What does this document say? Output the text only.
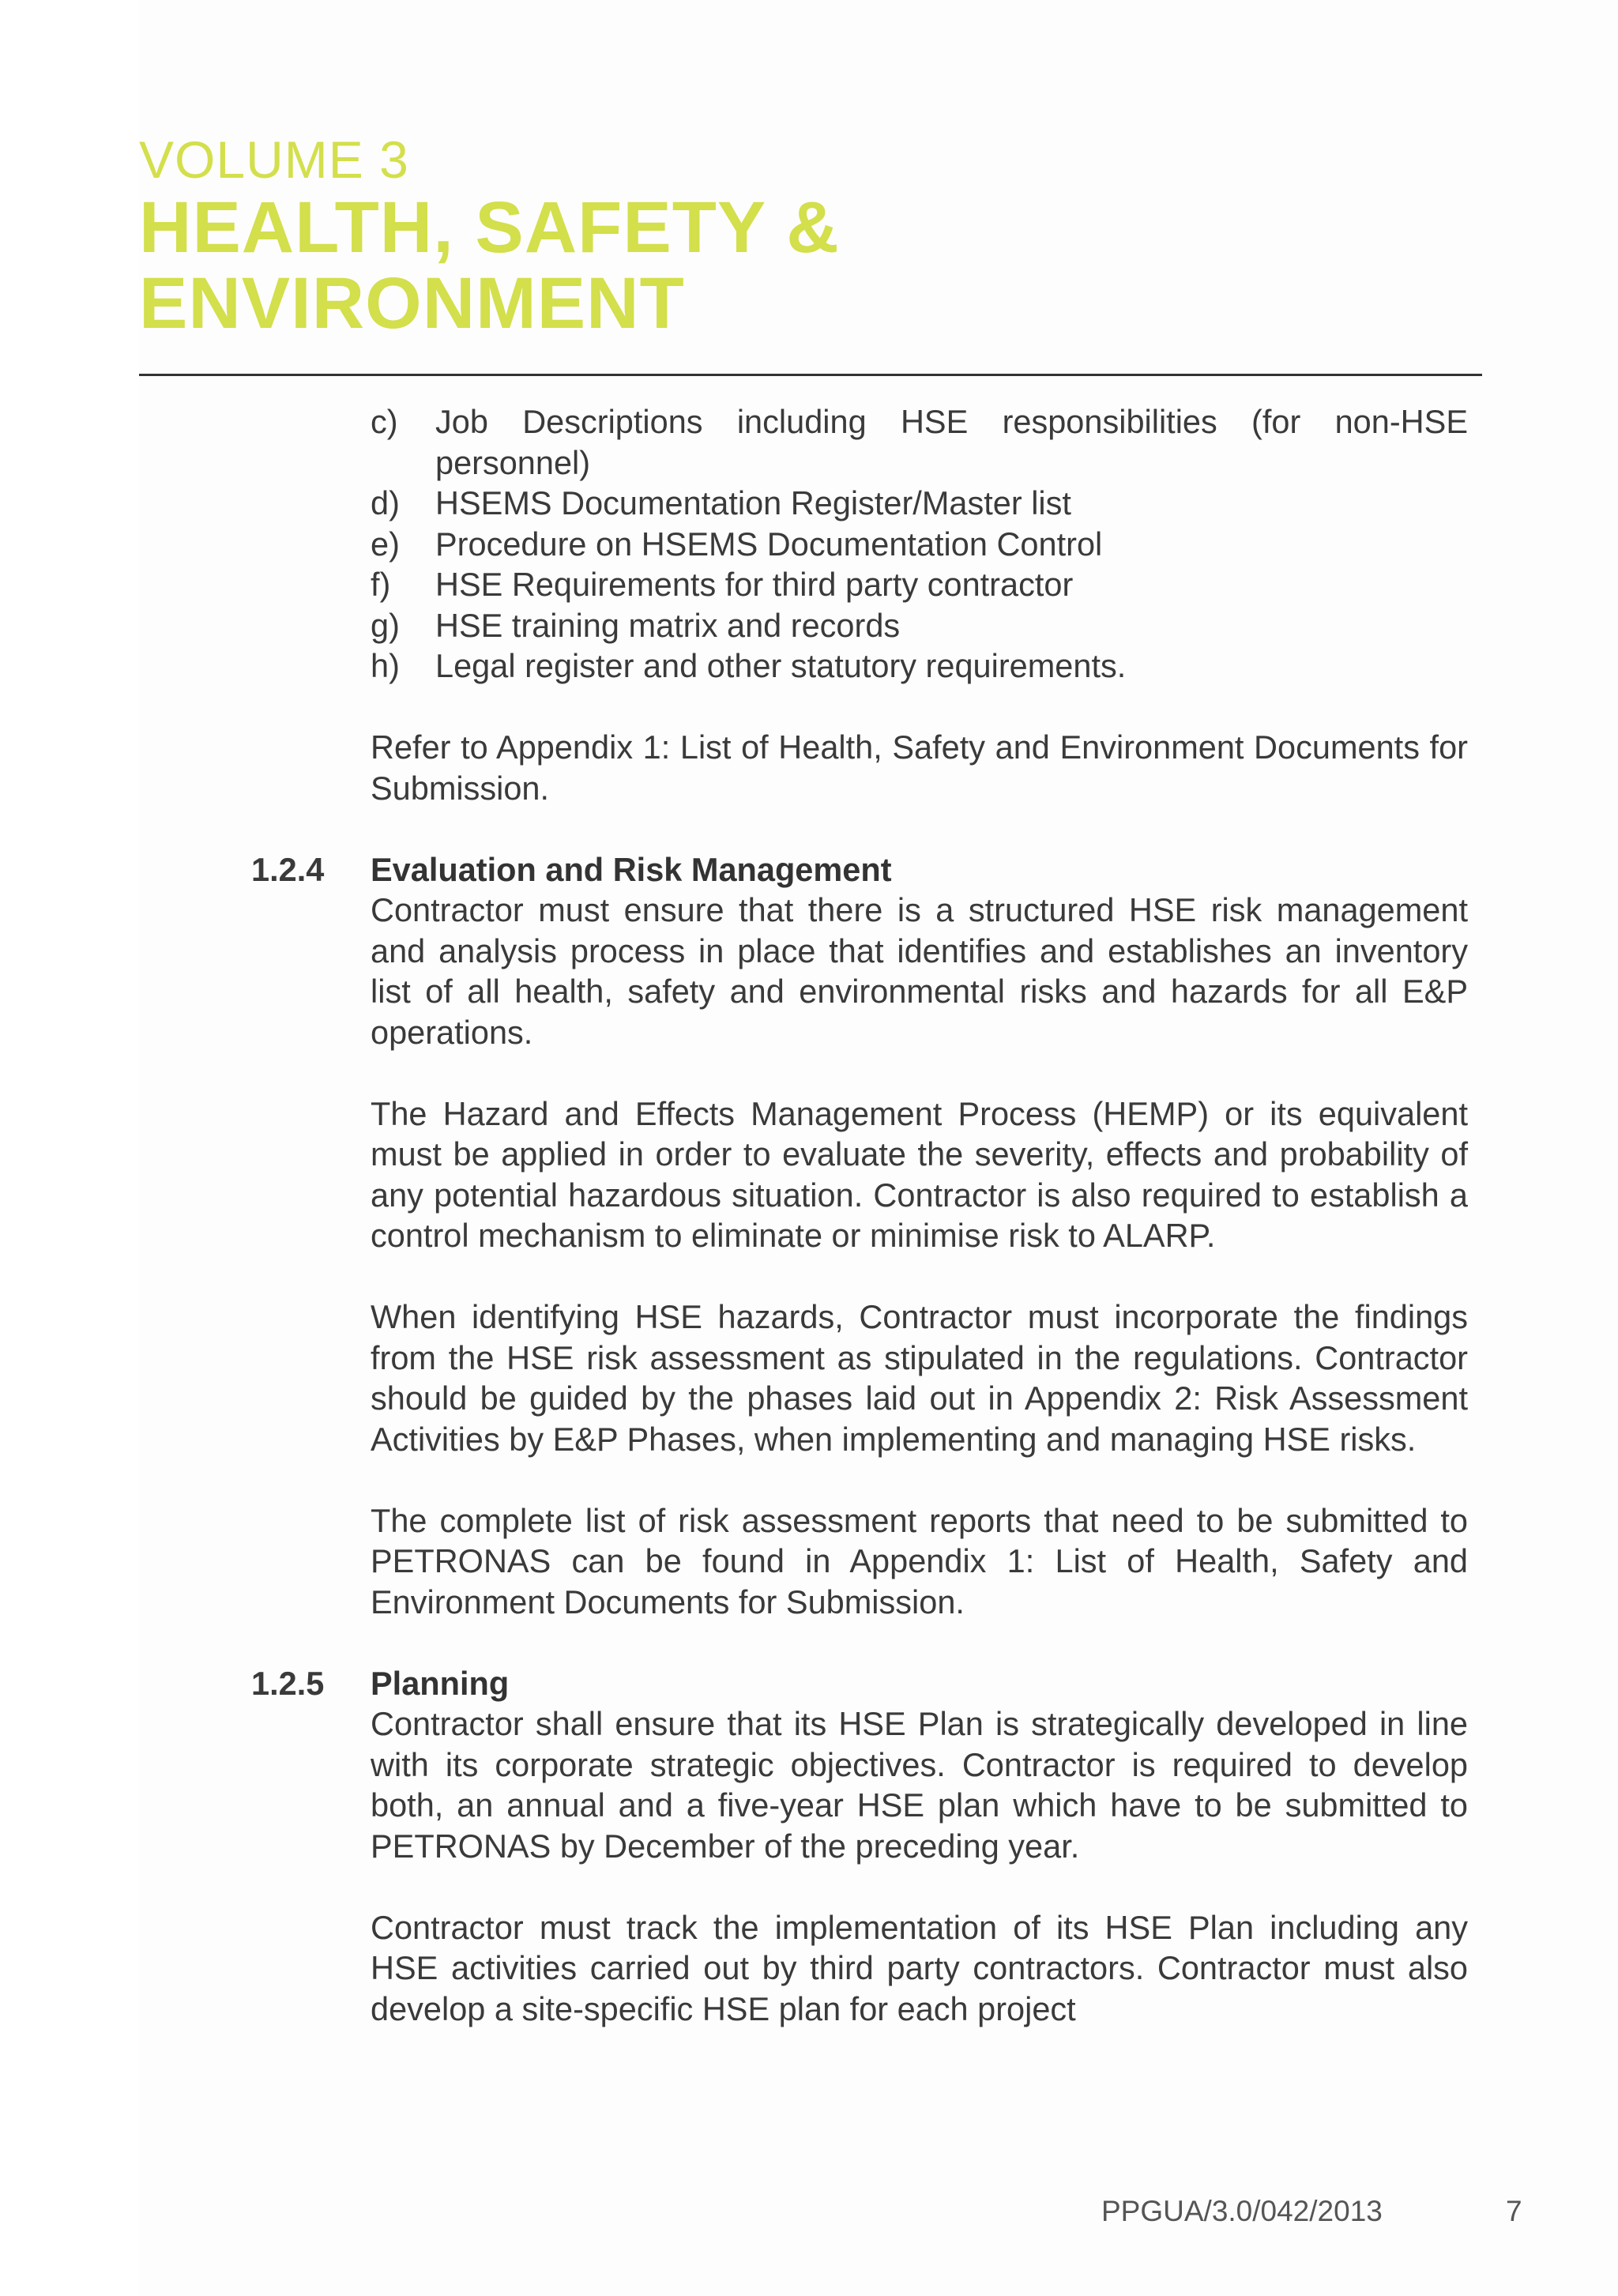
VOLUME 3
HEALTH, SAFETY &
ENVIRONMENT
c)	Job Descriptions including HSE responsibilities (for non-HSE personnel)
d)	HSEMS Documentation Register/Master list
e)	Procedure on HSEMS Documentation Control
f)	HSE Requirements for third party contractor
g)	HSE training matrix and records
h)	Legal register and other statutory requirements.

Refer to Appendix 1: List of Health, Safety and Environment Documents for Submission.

1.2.4	Evaluation and Risk Management
Contractor must ensure that there is a structured HSE risk management and analysis process in place that identifies and establishes an inventory list of all health, safety and environmental risks and hazards for all E&P operations.
The Hazard and Effects Management Process (HEMP) or its equivalent must be applied in order to evaluate the severity, effects and probability of any potential hazardous situation. Contractor is also required to establish a control mechanism to eliminate or minimise risk to ALARP.
When identifying HSE hazards, Contractor must incorporate the findings from the HSE risk assessment as stipulated in the regulations. Contractor should be guided by the phases laid out in Appendix 2: Risk Assessment Activities by E&P Phases, when implementing and managing HSE risks.
The complete list of risk assessment reports that need to be submitted to PETRONAS can be found in Appendix 1: List of Health, Safety and Environment Documents for Submission.
1.2.5	Planning
Contractor shall ensure that its HSE Plan is strategically developed in line with its corporate strategic objectives. Contractor is required to develop both, an annual and a five-year HSE plan which have to be submitted to PETRONAS by December of the preceding year.
Contractor must track the implementation of its HSE Plan including any HSE activities carried out by third party contractors. Contractor must also develop a site-specific HSE plan for each project
PPGUA/3.0/042/2013	7
